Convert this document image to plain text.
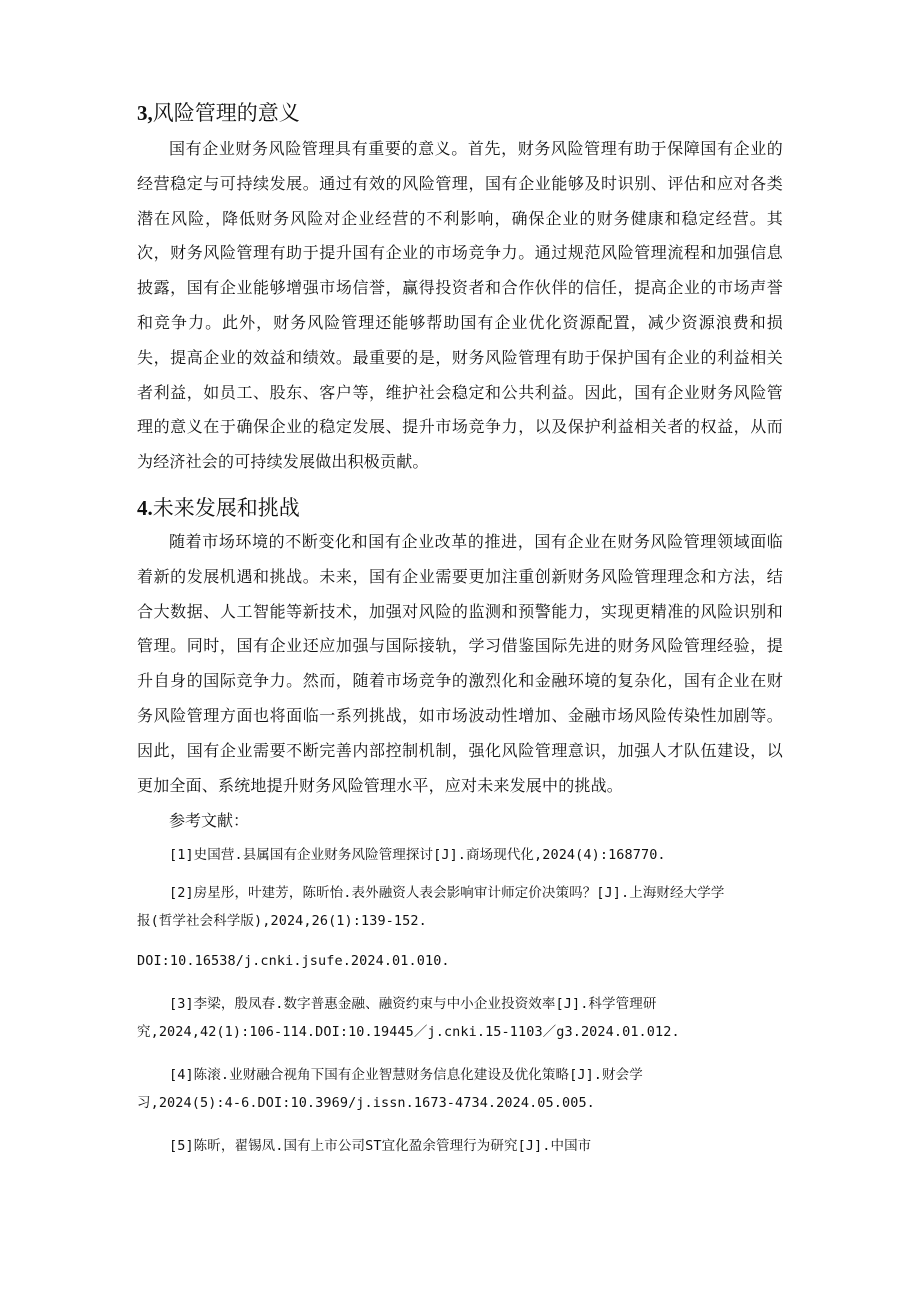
3,风险管理的意义

国有企业财务风险管理具有重要的意义。首先，财务风险管理有助于保障国有企业的经营稳定与可持续发展。通过有效的风险管理，国有企业能够及时识别、评估和应对各类潜在风险，降低财务风险对企业经营的不利影响，确保企业的财务健康和稳定经营。其次，财务风险管理有助于提升国有企业的市场竞争力。通过规范风险管理流程和加强信息披露，国有企业能够增强市场信誉，赢得投资者和合作伙伴的信任，提高企业的市场声誉和竞争力。此外，财务风险管理还能够帮助国有企业优化资源配置，减少资源浪费和损失，提高企业的效益和绩效。最重要的是，财务风险管理有助于保护国有企业的利益相关者利益，如员工、股东、客户等，维护社会稳定和公共利益。因此，国有企业财务风险管理的意义在于确保企业的稳定发展、提升市场竞争力，以及保护利益相关者的权益，从而为经济社会的可持续发展做出积极贡献。

4.未来发展和挑战

随着市场环境的不断变化和国有企业改革的推进，国有企业在财务风险管理领域面临着新的发展机遇和挑战。未来，国有企业需要更加注重创新财务风险管理理念和方法，结合大数据、人工智能等新技术，加强对风险的监测和预警能力，实现更精准的风险识别和管理。同时，国有企业还应加强与国际接轨，学习借鉴国际先进的财务风险管理经验，提升自身的国际竞争力。然而，随着市场竞争的激烈化和金融环境的复杂化，国有企业在财务风险管理方面也将面临一系列挑战，如市场波动性增加、金融市场风险传染性加剧等。因此，国有企业需要不断完善内部控制机制，强化风险管理意识，加强人才队伍建设，以更加全面、系统地提升财务风险管理水平，应对未来发展中的挑战。

参考文献：

[1]史国营.县属国有企业财务风险管理探讨[J].商场现代化,2024(4):168770.

[2]房星彤，叶建芳，陈昕怡.表外融资人表会影响审计师定价决策吗？[J].上海财经大学学
报(哲学社会科学版),2024,26(1):139-152.

DOI:10.16538/j.cnki.jsufe.2024.01.010.

[3]李梁，殷凤春.数字普惠金融、融资约束与中小企业投资效率[J].科学管理研
究,2024,42(1):106-114.DOI:10.19445／j.cnki.15-1103／g3.2024.01.012.

[4]陈滚.业财融合视角下国有企业智慧财务信息化建设及优化策略[J].财会学
习,2024(5):4-6.DOI:10.3969/j.issn.1673-4734.2024.05.005.

[5]陈昕，翟锡凤.国有上市公司ST宜化盈余管理行为研究[J].中国市
